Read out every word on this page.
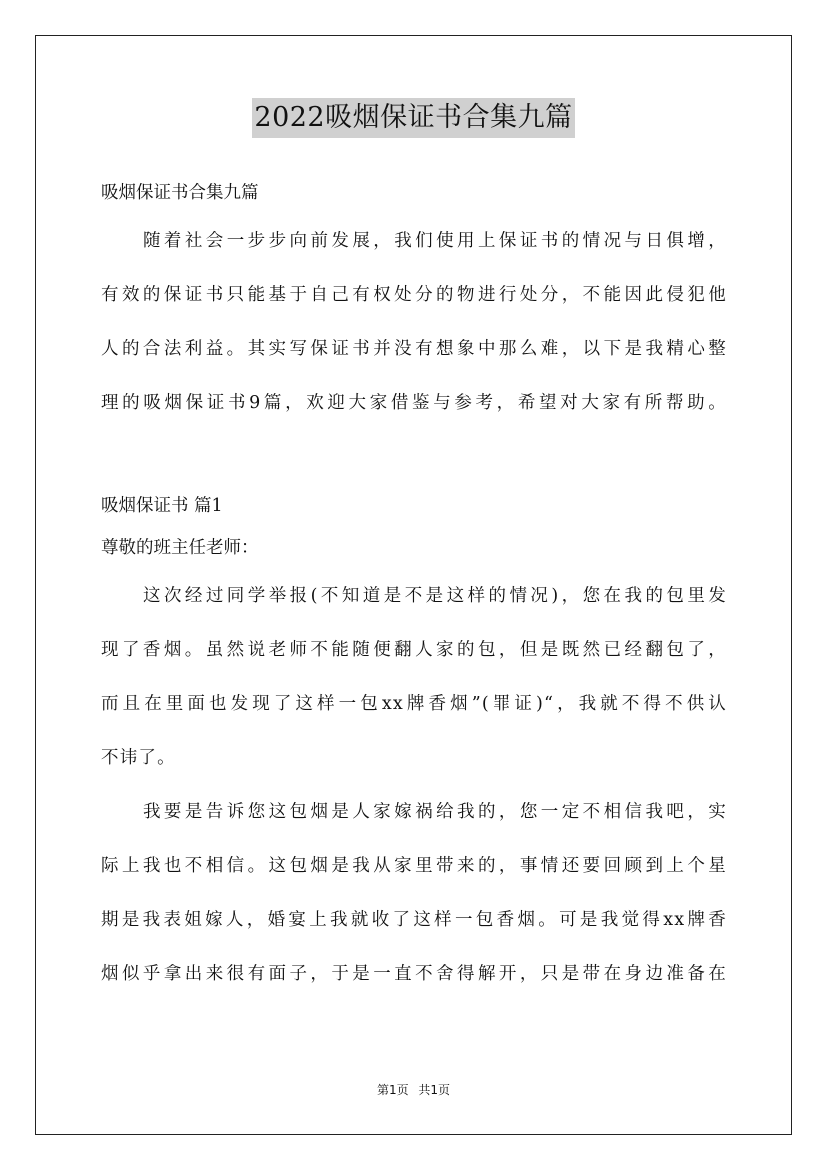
2022吸烟保证书合集九篇
吸烟保证书合集九篇
随着社会一步步向前发展，我们使用上保证书的情况与日俱增，
有效的保证书只能基于自己有权处分的物进行处分，不能因此侵犯他
人的合法利益。其实写保证书并没有想象中那么难，以下是我精心整
理的吸烟保证书9篇，欢迎大家借鉴与参考，希望对大家有所帮助。
吸烟保证书 篇1
尊敬的班主任老师：
这次经过同学举报(不知道是不是这样的情况)，您在我的包里发
现了香烟。虽然说老师不能随便翻人家的包，但是既然已经翻包了，
而且在里面也发现了这样一包xx牌香烟”(罪证)“，我就不得不供认
不讳了。
我要是告诉您这包烟是人家嫁祸给我的，您一定不相信我吧，实
际上我也不相信。这包烟是我从家里带来的，事情还要回顾到上个星
期是我表姐嫁人，婚宴上我就收了这样一包香烟。可是我觉得xx牌香
烟似乎拿出来很有面子，于是一直不舍得解开，只是带在身边准备在
第1页 共1页
